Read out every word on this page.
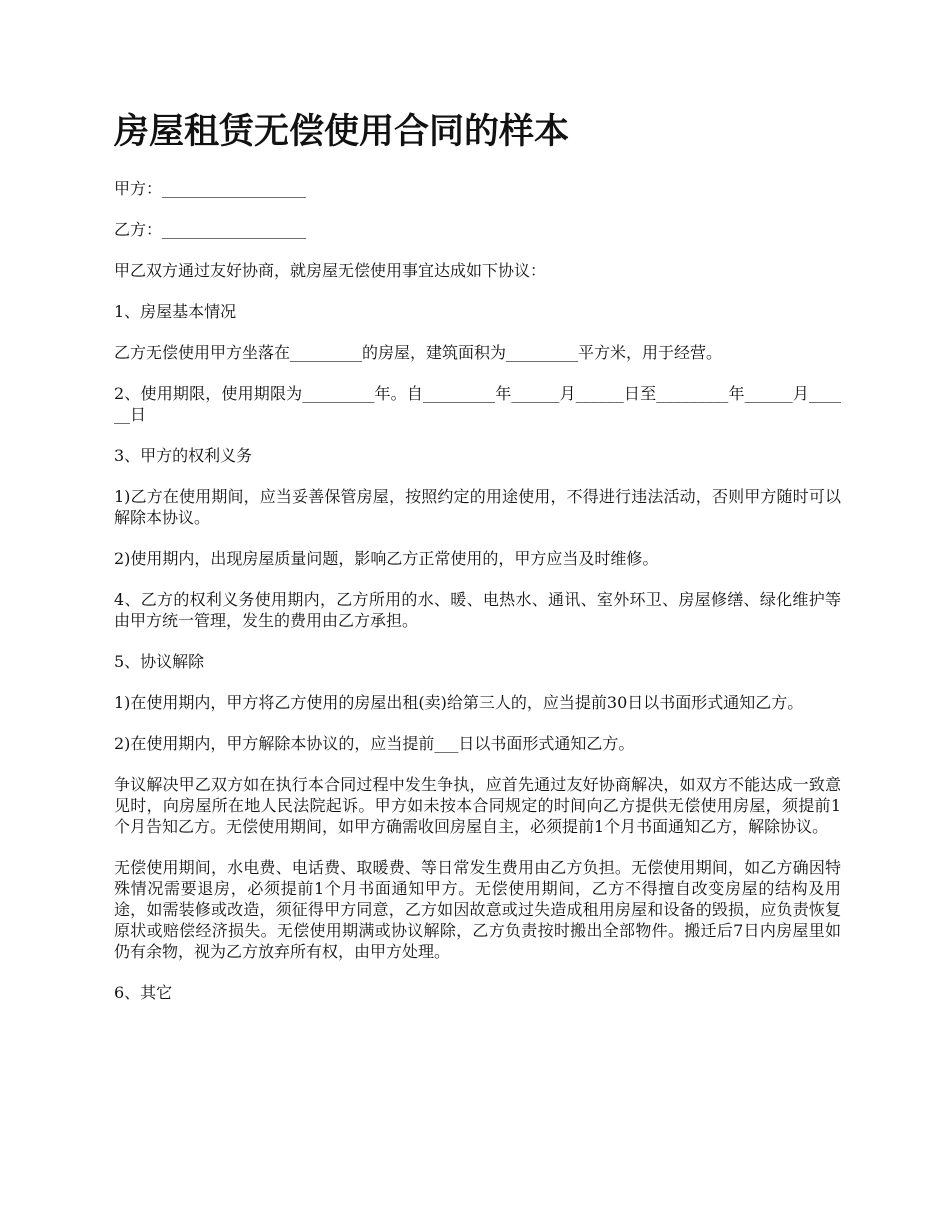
房屋租赁无偿使用合同的样本

甲方：__________________

乙方：__________________

甲乙双方通过友好协商，就房屋无偿使用事宜达成如下协议：

1、房屋基本情况

乙方无偿使用甲方坐落在_________的房屋，建筑面积为_________平方米，用于经营。

2、使用期限，使用期限为_________年。自_________年______月______日至_________年______月______日

3、甲方的权利义务

1)乙方在使用期间，应当妥善保管房屋，按照约定的用途使用，不得进行违法活动，否则甲方随时可以解除本协议。

2)使用期内，出现房屋质量问题，影响乙方正常使用的，甲方应当及时维修。

4、乙方的权利义务使用期内，乙方所用的水、暖、电热水、通讯、室外环卫、房屋修缮、绿化维护等由甲方统一管理，发生的费用由乙方承担。

5、协议解除

1)在使用期内，甲方将乙方使用的房屋出租(卖)给第三人的，应当提前30日以书面形式通知乙方。

2)在使用期内，甲方解除本协议的，应当提前___日以书面形式通知乙方。

争议解决甲乙双方如在执行本合同过程中发生争执，应首先通过友好协商解决，如双方不能达成一致意见时，向房屋所在地人民法院起诉。甲方如未按本合同规定的时间向乙方提供无偿使用房屋，须提前1个月告知乙方。无偿使用期间，如甲方确需收回房屋自主，必须提前1个月书面通知乙方，解除协议。

无偿使用期间，水电费、电话费、取暖费、等日常发生费用由乙方负担。无偿使用期间，如乙方确因特殊情况需要退房，必须提前1个月书面通知甲方。无偿使用期间，乙方不得擅自改变房屋的结构及用途，如需装修或改造，须征得甲方同意，乙方如因故意或过失造成租用房屋和设备的毁损，应负责恢复原状或赔偿经济损失。无偿使用期满或协议解除，乙方负责按时搬出全部物件。搬迁后7日内房屋里如仍有余物，视为乙方放弃所有权，由甲方处理。

6、其它
